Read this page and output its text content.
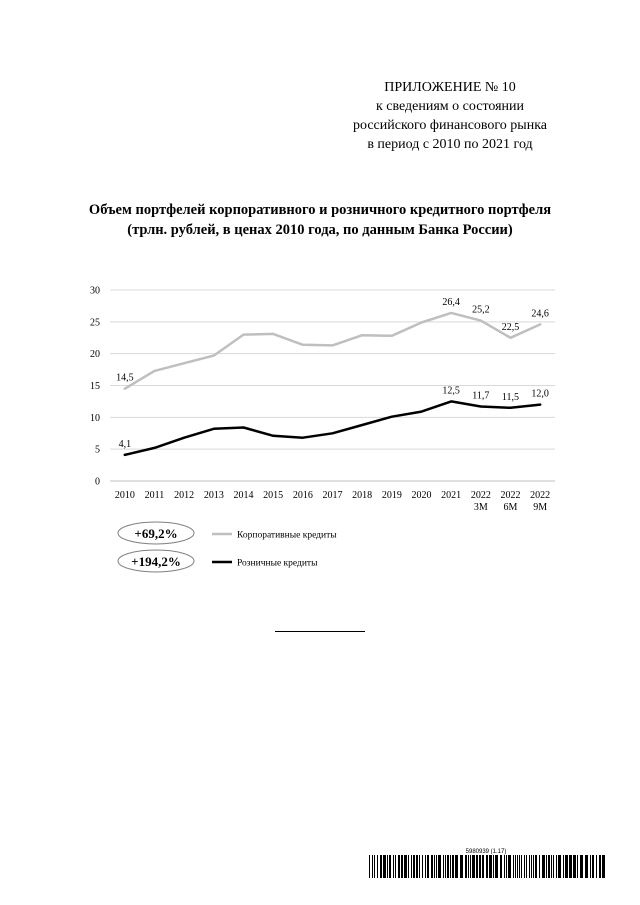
ПРИЛОЖЕНИЕ № 10
к сведениям о состоянии
российского финансового рынка
в период с 2010 по 2021 год
Объем портфелей корпоративного и розничного кредитного портфеля
(трлн. рублей, в ценах 2010 года, по данным Банка России)
0
5
10
15
20
25
30
2010 2011 2012 2013 2014 2015 2016 2017 2018 2019 2020 2021 2022
3M
2022
6M
2022
9M
14,5
26,4
25,2
22,5
24,6
4,1
12,5 11,7 11,5 12,0
+69,2%	Корпоративные кредиты
+194,2%	Розничные кредиты
5980939 (1.17)
